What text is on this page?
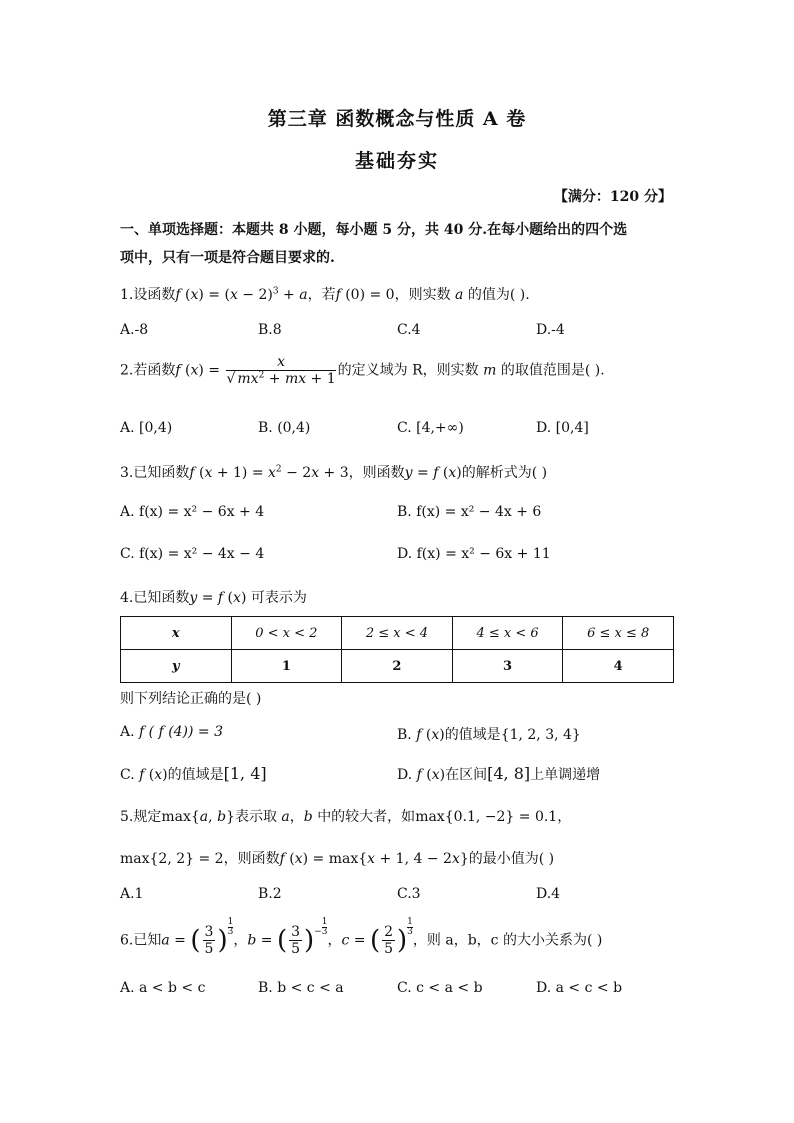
第三章 函数概念与性质 A 卷
基础夯实
【满分：120 分】
一、单项选择题：本题共 8 小题，每小题 5 分，共 40 分.在每小题给出的四个选
项中，只有一项是符合题目要求的.
1.设函数f $(x) = (x - 2)^3 + a$，若f (0) = 0，则实数 a 的值为( ).
A.-8	B.8	C.4	D.-4
2.若函数f $(x) = \frac{x}{√ mx^2 + mx + 1}$ 的定义域为 R，则实数 m 的取值范围是( ).
A. [0,4)	B. (0,4)	C. [4,+∞)	D. [0,4]
3.已知函数f $(x + 1) = x^2 - 2x + 3$，则函数y = f (x)的解析式为( )
A. f(x) = x² − 6x + 4	B. f(x) = x² − 4x + 6
C. f(x) = x² − 4x − 4	D. f(x) = x² − 6x + 11
4.已知函数y = f (x) 可表示为
x	0 < x < 2	2 ≤ x < 4	4 ≤ x < 6	6 ≤ x ≤ 8
y	1	2	3	4
则下列结论正确的是( )
A. f ( f (4)) = 3	B. f (x)的值域是{1, 2, 3, 4}
C. f (x)的值域是[1, 4]	D. f (x)在区间[4, 8]上单调递增
5.规定max{a, b}表示取 a，b 中的较大者，如max{0.1, −2} = 0.1，
max{2, 2} = 2，则函数f (x) = max{x + 1, 4 − 2x}的最小值为( )
A.1	B.2	C.3	D.4
6.已知a = ( $\frac{3}{5}$ ) $\frac{1}{3}$
，b = ( $\frac{3}{5}$ )− $\frac{1}{3}$
，c = ( $\frac{2}{5}$ ) $\frac{1}{3}$
，则 a，b，c 的大小关系为( )
A. a < b < c	B. b < c < a	C. c < a < b	D. a < c < b
